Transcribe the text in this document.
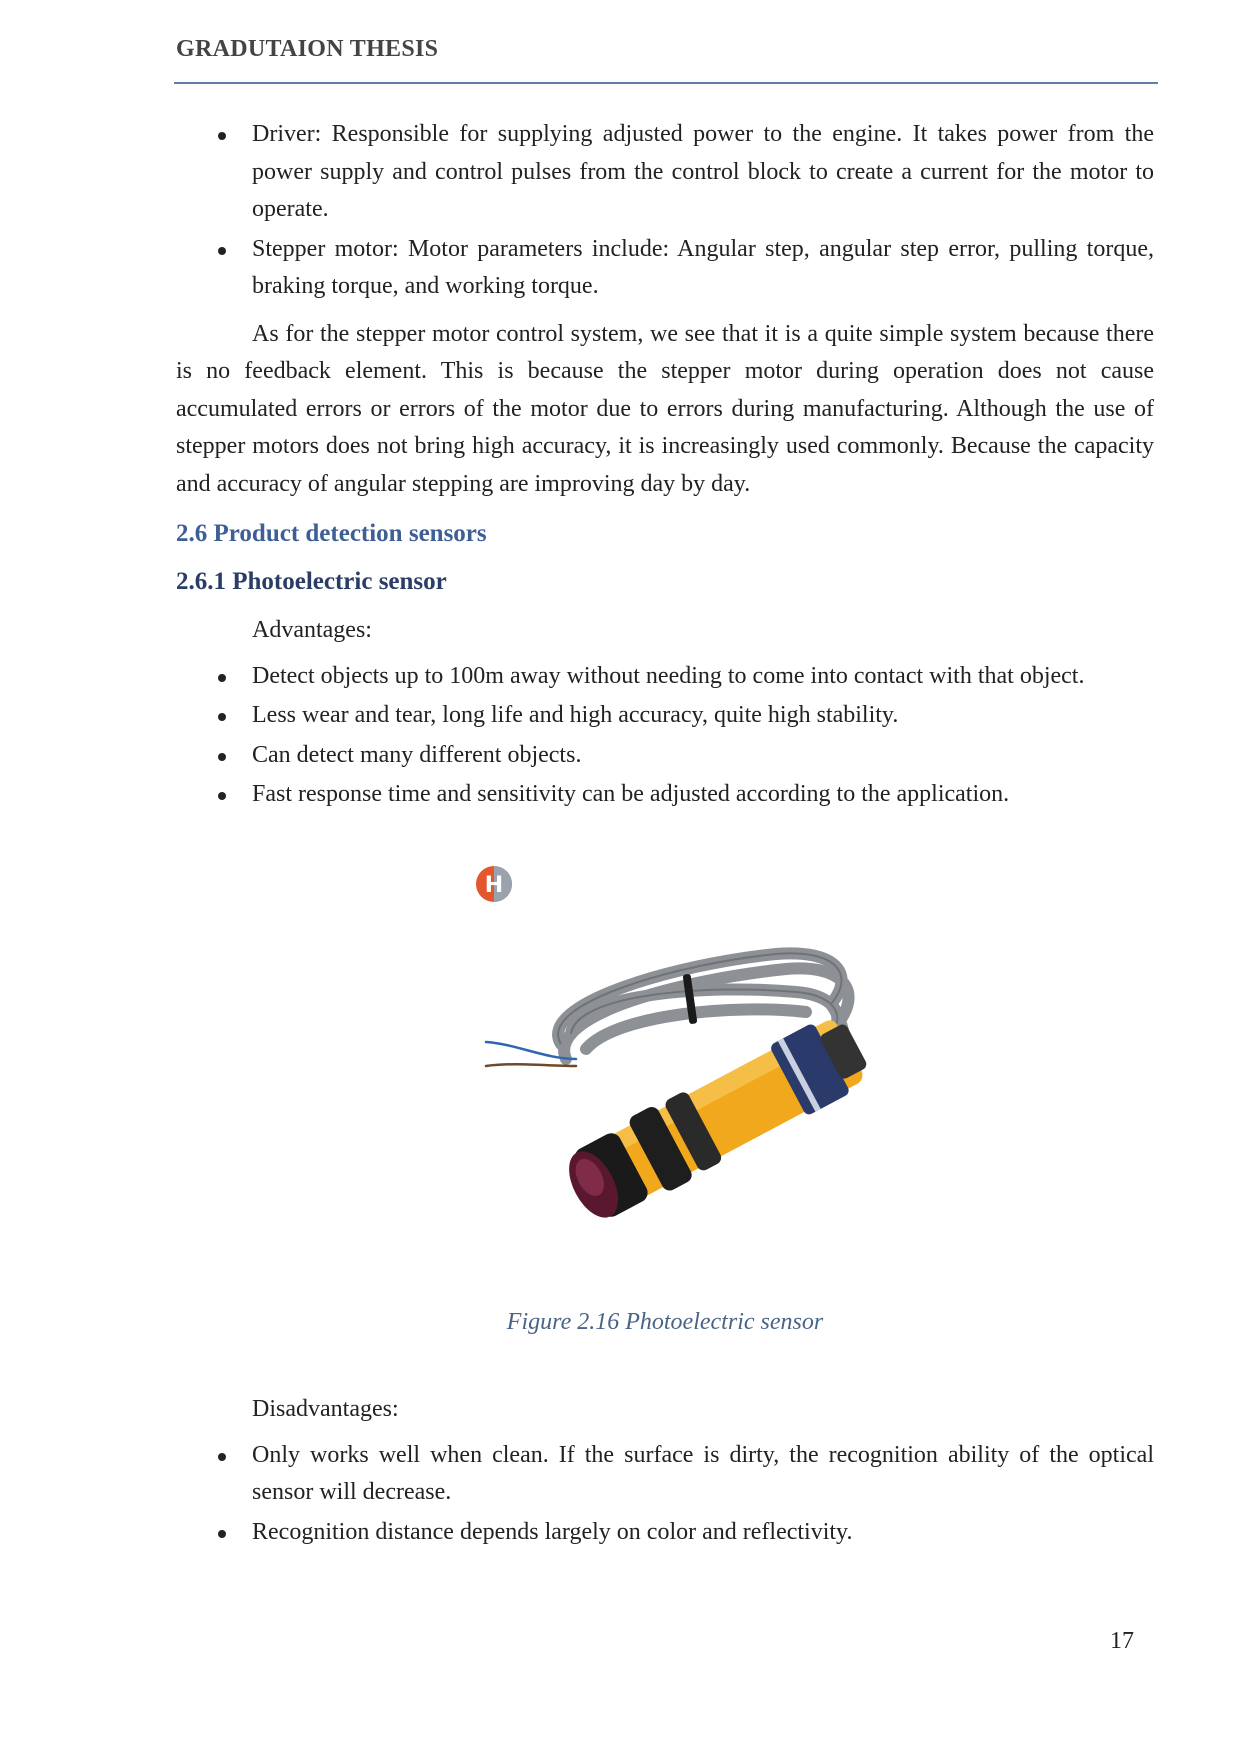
GRADUTAION THESIS
Driver: Responsible for supplying adjusted power to the engine. It takes power from the power supply and control pulses from the control block to create a current for the motor to operate.
Stepper motor: Motor parameters include: Angular step, angular step error, pulling torque, braking torque, and working torque.

As for the stepper motor control system, we see that it is a quite simple system because there is no feedback element. This is because the stepper motor during operation does not cause accumulated errors or errors of the motor due to errors during manufacturing. Although the use of stepper motors does not bring high accuracy, it is increasingly used commonly. Because the capacity and accuracy of angular stepping are improving day by day.

2.6 Product detection sensors
2.6.1 Photoelectric sensor
Advantages:
Detect objects up to 100m away without needing to come into contact with that object.
Less wear and tear, long life and high accuracy, quite high stability.
Can detect many different objects.
Fast response time and sensitivity can be adjusted according to the application.
H

Figure 2.16 Photoelectric sensor

Disadvantages:
Only works well when clean. If the surface is dirty, the recognition ability of the optical sensor will decrease.
Recognition distance depends largely on color and reflectivity.
17
